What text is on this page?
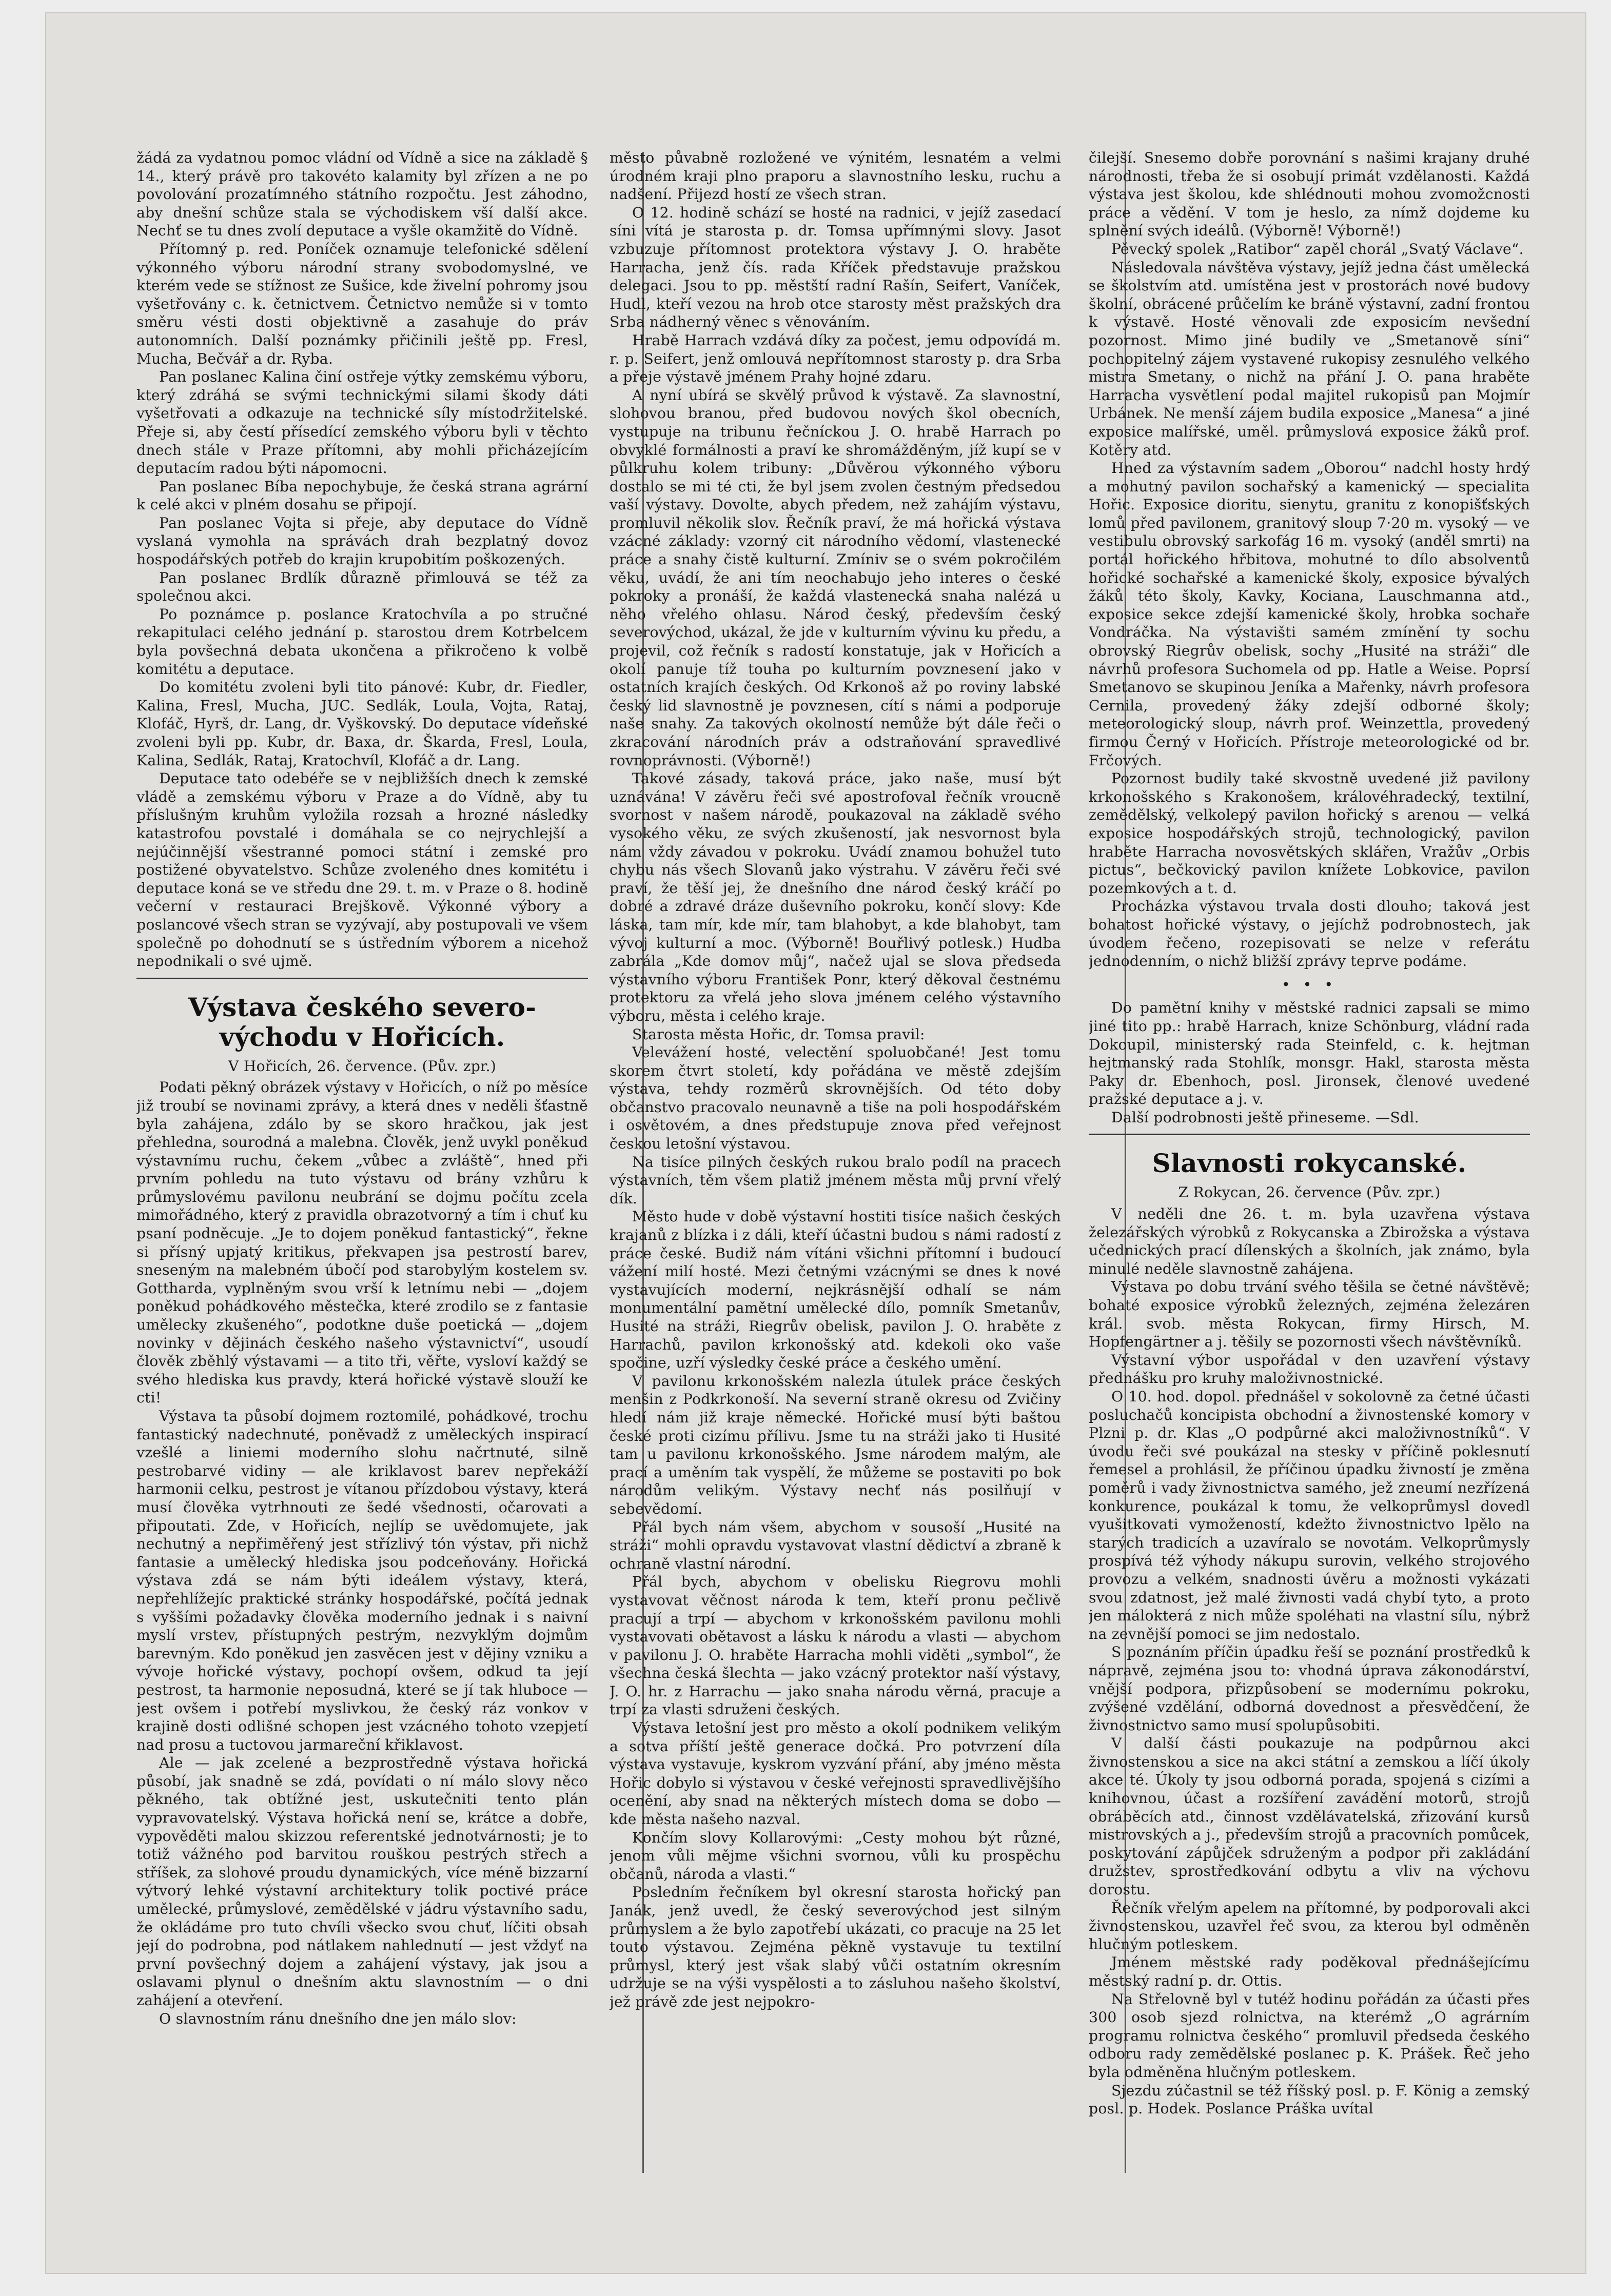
žádá za vydatnou pomoc vládní od Vídně a sice na základě § 14., který právě pro takovéto kalamity byl zřízen a ne po povolování prozatímného státního rozpočtu. Jest záhodno, aby dnešní schůze stala se východiskem vší další akce. Nechť se tu dnes zvolí deputace a vyšle okamžitě do Vídně.

Přítomný p. red. Poníček oznamuje telefonické sdělení výkonného výboru národní strany svobodomyslné, ve kterém vede se stížnost ze Sušice, kde živelní pohromy jsou vyšetřovány c. k. četnictvem. Četnictvo nemůže si v tomto směru vésti dosti objektivně a zasahuje do práv autonomních. Další poznámky přičinili ještě pp. Fresl, Mucha, Bečvář a dr. Ryba.

Pan poslanec Kalina činí ostřeje výtky zemskému výboru, který zdráhá se svými technickými silami škody dáti vyšetřovati a odkazuje na technické síly místodržitelské. Přeje si, aby čestí přísedící zemského výboru byli v těchto dnech stále v Praze přítomni, aby mohli přicházejícím deputacím radou býti nápomocni.

Pan poslanec Bíba nepochybuje, že česká strana agrární k celé akci v plném dosahu se připojí.

Pan poslanec Vojta si přeje, aby deputace do Vídně vyslaná vymohla na správách drah bezplatný dovoz hospodářských potřeb do krajin krupobitím poškozených.

Pan poslanec Brdlík důrazně přimlouvá se též za společnou akci.

Po poznámce p. poslance Kratochvíla a po stručné rekapitulaci celého jednání p. starostou drem Kotrbelcem byla povšechná debata ukončena a přikročeno k volbě komitétu a deputace.

Do komitétu zvoleni byli tito pánové: Kubr, dr. Fiedler, Kalina, Fresl, Mucha, JUC. Sedlák, Loula, Vojta, Rataj, Klofáč, Hyrš, dr. Lang, dr. Vyškovský. Do deputace vídeňské zvoleni byli pp. Kubr, dr. Baxa, dr. Škarda, Fresl, Loula, Kalina, Sedlák, Rataj, Kratochvíl, Klofáč a dr. Lang.

Deputace tato odebéře se v nejbližších dnech k zemské vládě a zemskému výboru v Praze a do Vídně, aby tu příslušným kruhům vyložila rozsah a hrozné následky katastrofou povstalé i domáhala se co nejrychlejší a nejúčinnější všestranné pomoci státní i zemské pro postižené obyvatelstvo. Schůze zvoleného dnes komitétu i deputace koná se ve středu dne 29. t. m. v Praze o 8. hodině večerní v restauraci Brejškově. Výkonné výbory a poslancové všech stran se vyzývají, aby postupovali ve všem společně po dohodnutí se s ústředním výborem a nicehož nepodnikali o své ujmě.

Výstava českého severo-východu v Hořicích.
V Hořicích, 26. července. (Pův. zpr.)

Podati pěkný obrázek výstavy v Hořicích, o níž po měsíce již troubí se novinami zprávy, a která dnes v neděli šťastně byla zahájena, zdálo by se skoro hračkou, jak jest přehledna, sourodná a malebna. Člověk, jenž uvykl poněkud výstavnímu ruchu, čekem „vůbec a zvláště“, hned při prvním pohledu na tuto výstavu od brány vzhůru k průmyslovému pavilonu neubrání se dojmu počítu zcela mimořádného, který z pravidla obrazotvorný a tím i chuť ku psaní podněcuje. „Je to dojem poněkud fantastický“, řekne si přísný upjatý kritikus, překvapen jsa pestrostí barev, sneseným na malebném úbočí pod starobylým kostelem sv. Gottharda, vyplněným svou vrší k letnímu nebi — „dojem poněkud pohádkového městečka, které zrodilo se z fantasie umělecky zkušeného“, podotkne duše poetická — „dojem novinky v dějinách českého našeho výstavnictví“, usoudí člověk zběhlý výstavami — a tito tři, věřte, vysloví každý se svého hlediska kus pravdy, která hořické výstavě slouží ke cti!

Výstava ta působí dojmem roztomilé, pohádkové, trochu fantastický nadechnuté, poněvadž z uměleckých inspirací vzešlé a liniemi moderního slohu načrtnuté, silně pestrobarvé vidiny — ale kriklavost barev nepřekáží harmonii celku, pestrost je vítanou přízdobou výstavy, která musí člověka vytrhnouti ze šedé všednosti, očarovati a připoutati. Zde, v Hořicích, nejlíp se uvědomujete, jak nechutný a nepřiměřený jest střízlivý tón výstav, při nichž fantasie a umělecký hlediska jsou podceňovány. Hořická výstava zdá se nám býti ideálem výstavy, která, nepřehlížejíc praktické stránky hospodářské, počítá jednak s vyššími požadavky člověka moderního jednak i s naivní myslí vrstev, přístupných pestrým, nezvyklým dojmům barevným. Kdo poněkud jen zasvěcen jest v dějiny vzniku a vývoje hořické výstavy, pochopí ovšem, odkud ta její pestrost, ta harmonie neposudná, které se jí tak hluboce — jest ovšem i potřebí myslivkou, že český ráz vonkov v krajině dosti odlišné schopen jest vzácného tohoto vzepjetí nad prosu a tuctovou jarmareční křiklavost.

Ale — jak zcelené a bezprostředně výstava hořická působí, jak snadně se zdá, povídati o ní málo slovy něco pěkného, tak obtížné jest, uskutečniti tento plán vypravovatelský. Výstava hořická není se, krátce a dobře, vypověděti malou skizzou referentské jednotvárnosti; je to totiž vážného pod barvitou rouškou pestrých střech a stříšek, za slohové proudu dynamických, více méně bizzarní výtvorý lehké výstavní architektury tolik poctivé práce umělecké, průmyslové, zemědělské v jádru výstavního sadu, že okládáme pro tuto chvíli všecko svou chuť, líčiti obsah její do podrobna, pod nátlakem nahlednutí — jest vždyť na první povšechný dojem a zahájení výstavy, jak jsou a oslavami plynul o dnešním aktu slavnostním — o dni zahájení a otevření.

O slavnostním ránu dnešního dne jen málo slov:

město půvabně rozložené ve výnitém, lesnatém a velmi úrodném kraji plno praporu a slavnostního lesku, ruchu a nadšení. Přijezd hostí ze všech stran.

O 12. hodině schází se hosté na radnici, v jejíž zasedací síni vítá je starosta p. dr. Tomsa upřímnými slovy. Jasot vzbuzuje přítomnost protektora výstavy J. O. hraběte Harracha, jenž čís. rada Kříček představuje pražskou delegaci. Jsou to pp. městští radní Rašín, Seifert, Vaníček, Hudl, kteří vezou na hrob otce starosty měst pražských dra Srba nádherný věnec s věnováním.

Hrabě Harrach vzdává díky za počest, jemu odpovídá m. r. p. Seifert, jenž omlouvá nepřítomnost starosty p. dra Srba a přeje výstavě jménem Prahy hojné zdaru.

A nyní ubírá se skvělý průvod k výstavě. Za slavnostní, slohovou branou, před budovou nových škol obecních, vystupuje na tribunu řečníckou J. O. hrabě Harrach po obvyklé formálnosti a praví ke shromážděným, jíž kupí se v půlkruhu kolem tribuny: „Důvěrou výkonného výboru dostalo se mi té cti, že byl jsem zvolen čestným předsedou vaší výstavy. Dovolte, abych předem, než zahájím výstavu, promluvil několik slov. Řečník praví, že má hořická výstava vzácné základy: vzorný cit národního vědomí, vlastenecké práce a snahy čistě kulturní. Zmíniv se o svém pokročilém věku, uvádí, že ani tím neochabujo jeho interes o české pokroky a pronáší, že každá vlastenecká snaha nalézá u něho vřelého ohlasu. Národ český, především český severovýchod, ukázal, že jde v kulturním vývinu ku předu, a projevil, což řečník s radostí konstatuje, jak v Hořicích a okolí panuje tíž touha po kulturním povznesení jako v ostatních krajích českých. Od Krkonoš až po roviny labské český lid slavnostně je povznesen, cítí s námi a podporuje naše snahy. Za takových okolností nemůže být dále řeči o zkracování národních práv a odstraňování spravedlivé rovnoprávnosti. (Výborně!)

Takové zásady, taková práce, jako naše, musí být uznávána! V závěru řeči své apostrofoval řečník vroucně svornost v našem národě, poukazoval na základě svého vysokého věku, ze svých zkušeností, jak nesvornost byla nám vždy závadou v pokroku. Uvádí znamou bohužel tuto chybu nás všech Slovanů jako výstrahu. V závěru řeči své praví, že těší jej, že dnešního dne národ český kráčí po dobré a zdravé dráze duševního pokroku, končí slovy: Kde láska, tam mír, kde mír, tam blahobyt, a kde blahobyt, tam vývoj kulturní a moc. (Výborně! Bouřlivý potlesk.) Hudba zabrála „Kde domov můj“, načež ujal se slova předseda výstavního výboru František Ponr, který děkoval čestnému protektoru za vřelá jeho slova jménem celého výstavního výboru, města i celého kraje.

Starosta města Hořic, dr. Tomsa pravil:

Velevážení hosté, velectění spoluobčané! Jest tomu skorem čtvrt století, kdy pořádána ve městě zdejším výstava, tehdy rozměrů skrovnějších. Od této doby občanstvo pracovalo neunavně a tiše na poli hospodářském i osvětovém, a dnes předstupuje znova před veřejnost českou letošní výstavou.

Na tisíce pilných českých rukou bralo podíl na pracech výstavních, těm všem platiž jménem města můj první vřelý dík.

Město hude v době výstavní hostiti tisíce našich českých krajanů z blízka i z dáli, kteří účastni budou s námi radostí z práce české. Budiž nám vítáni všichni přítomní i budoucí vážení milí hosté. Mezi četnými vzácnými se dnes k nové vystavujících moderní, nejkrásnější odhalí se nám monumentální pamětní umělecké dílo, pomník Smetanův, Husité na stráži, Riegrův obelisk, pavilon J. O. hraběte z Harrachů, pavilon krkonošský atd. kdekoli oko vaše spočine, uzří výsledky české práce a českého umění.

V pavilonu krkonošském nalezla útulek práce českých menšin z Podkrkonoší. Na severní straně okresu od Zvičiny hledí nám již kraje německé. Hořické musí býti baštou české proti cizímu přílivu. Jsme tu na stráži jako ti Husité tam u pavilonu krkonošského. Jsme národem malým, ale prací a uměním tak vyspělí, že můžeme se postaviti po bok národům velikým. Výstavy nechť nás posilňují v sebevědomí.

Přál bych nám všem, abychom v sousoší „Husité na stráži“ mohli opravdu vystavovat vlastní dědictví a zbraně k ochraně vlastní národní.

Přál bych, abychom v obelisku Riegrovu mohli vystavovat věčnost národa k tem, kteří pronu pečlivě pracují a trpí — abychom v krkonošském pavilonu mohli vystavovati obětavost a lásku k národu a vlasti — abychom v pavilonu J. O. hraběte Harracha mohli viděti „symbol“, že všechna česká šlechta — jako vzácný protektor naší výstavy, J. O. hr. z Harrachu — jako snaha národu věrná, pracuje a trpí za vlasti sdruženi českých.

Výstava letošní jest pro město a okolí podnikem velikým a sotva příští ještě generace dočká. Pro potvrzení díla výstava vystavuje, kyskrom vyzvání přání, aby jméno města Hořic dobylo si výstavou v české veřejnosti spravedlivějšího ocenění, aby snad na některých místech doma se dobo — kde města našeho nazval.

Končím slovy Kollarovými: „Cesty mohou být různé, jenom vůli mějme všichni svornou, vůli ku prospěchu občanů, národa a vlasti.“

Posledním řečníkem byl okresní starosta hořický pan Janák, jenž uvedl, že český severovýchod jest silným průmyslem a že bylo zapotřebí ukázati, co pracuje na 25 let touto výstavou. Zejména pěkně vystavuje tu textilní průmysl, který jest však slabý vůči ostatním okresním udržuje se na výši vyspělosti a to zásluhou našeho školství, jež právě zde jest nejpokro-

čilejší. Snesemo dobře porovnání s našimi krajany druhé národnosti, třeba že si osobují primát vzdělanosti. Každá výstava jest školou, kde shlédnouti mohou zvomožcnosti práce a vědění. V tom je heslo, za nímž dojdeme ku splnění svých ideálů. (Výborně! Výborně!)

Pěvecký spolek „Ratibor“ zapěl chorál „Svatý Václave“.

Následovala návštěva výstavy, jejíž jedna část umělecká se školstvím atd. umístěna jest v prostorách nové budovy školní, obrácené průčelím ke bráně výstavní, zadní frontou k výstavě. Hosté věnovali zde exposicím nevšední pozornost. Mimo jiné budily ve „Smetanově síni“ pochopitelný zájem vystavené rukopisy zesnulého velkého mistra Smetany, o nichž na přání J. O. pana hraběte Harracha vysvětlení podal majitel rukopisů pan Mojmír Urbánek. Ne menší zájem budila exposice „Manesa“ a jiné exposice malířské, uměl. průmyslová exposice žáků prof. Kotěry atd.

Hned za výstavním sadem „Oborou“ nadchl hosty hrdý a mohutný pavilon sochařský a kamenický — specialita Hořic. Exposice dioritu, sienytu, granitu z konopišťských lomů před pavilonem, granitový sloup 7·20 m. vysoký — ve vestibulu obrovský sarkofág 16 m. vysoký (anděl smrti) na portál hořického hřbitova, mohutné to dílo absolventů hořické sochařské a kamenické školy, exposice bývalých žáků této školy, Kavky, Kociana, Lauschmanna atd., exposice sekce zdejší kamenické školy, hrobka sochaře Vondráčka. Na výstavišti samém zmínění ty sochu obrovský Riegrův obelisk, sochy „Husité na stráži“ dle návrhů profesora Suchomela od pp. Hatle a Weise. Poprsí Smetanovo se skupinou Jeníka a Mařenky, návrh profesora Cernila, provedený žáky zdejší odborné školy; meteorologický sloup, návrh prof. Weinzettla, provedený firmou Černý v Hořicích. Přístroje meteorologické od br. Frčových.

Pozornost budily také skvostně uvedené již pavilony krkonošského s Krakonošem, královéhradecký, textilní, zemědělský, velkolepý pavilon hořický s arenou — velká exposice hospodářských strojů, technologický, pavilon hraběte Harracha novosvětských sklářen, Vražův „Orbis pictus“, bečkovický pavilon knížete Lobkovice, pavilon pozemkových a t. d.

Procházka výstavou trvala dosti dlouho; taková jest bohatost hořické výstavy, o jejíchž podrobnostech, jak úvodem řečeno, rozepisovati se nelze v referátu jednodenním, o nichž bližší zprávy teprve podáme.

• • •

Do pamětní knihy v městské radnici zapsali se mimo jiné tito pp.: hrabě Harrach, knize Schönburg, vládní rada Dokoupil, ministerský rada Steinfeld, c. k. hejtman hejtmanský rada Stohlík, monsgr. Hakl, starosta města Paky dr. Ebenhoch, posl. Jironsek, členové uvedené pražské deputace a j. v.

Další podrobnosti ještě přineseme. —Sdl.

Slavnosti rokycanské.
Z Rokycan, 26. července (Pův. zpr.)

V neděli dne 26. t. m. byla uzavřena výstava železářských výrobků z Rokycanska a Zbirožska a výstava učednických prací dílenských a školních, jak známo, byla minulé neděle slavnostně zahájena.

Výstava po dobu trvání svého těšila se četné návštěvě; bohaté exposice výrobků železných, zejména železáren král. svob. města Rokycan, firmy Hirsch, M. Hopfengärtner a j. těšily se pozornosti všech návštěvníků.

Výstavní výbor uspořádal v den uzavření výstavy přednášku pro kruhy maloživnostnické.

O 10. hod. dopol. přednášel v sokolovně za četné účasti posluchačů koncipista obchodní a živnostenské komory v Plzni p. dr. Klas „O podpůrné akci maloživnostníků“. V úvodu řeči své poukázal na stesky v příčině poklesnutí řemesel a prohlásil, že příčinou úpadku živností je změna poměrů i vady živnostnictva samého, jež zneumí nezřízená konkurence, poukázal k tomu, že velkoprůmysl dovedl vyušitkovati vymožeností, kdežto živnostnictvo lpělo na starých tradicích a uzavíralo se novotám. Velkoprůmysly prospívá též výhody nákupu surovin, velkého strojového provozu a velkém, snadnosti úvěru a možnosti vykázati svou zdatnost, jež malé živnosti vadá chybí tyto, a proto jen málokterá z nich může spoléhati na vlastní sílu, nýbrž na zevnější pomoci se jim nedostalo.

S poznáním příčin úpadku řeší se poznání prostředků k nápravě, zejména jsou to: vhodná úprava zákonodárství, vnější podpora, přizpůsobení se modernímu pokroku, zvýšené vzdělání, odborná dovednost a přesvědčení, že živnostnictvo samo musí spolupůsobiti.

V další části poukazuje na podpůrnou akci živnostenskou a sice na akci státní a zemskou a líčí úkoly akce té. Úkoly ty jsou odborná porada, spojená s cizími a knihovnou, účast a rozšíření zavádění motorů, strojů obráběcích atd., činnost vzdělávatelská, zřizování kursů mistrovských a j., především strojů a pracovních pomůcek, poskytování zápůjček sdruženým a podpor při zakládání družstev, sprostředkování odbytu a vliv na výchovu dorostu.

Řečník vřelým apelem na přítomné, by podporovali akci živnostenskou, uzavřel řeč svou, za kterou byl odměněn hlučným potleskem.

Jménem městské rady poděkoval přednášejícímu městský radní p. dr. Ottis.

Na Střelovně byl v tutéž hodinu pořádán za účasti přes 300 osob sjezd rolnictva, na kterémž „O agrárním programu rolnictva českého“ promluvil předseda českého odboru rady zemědělské poslanec p. K. Prášek. Řeč jeho byla odměněna hlučným potleskem.

Sjezdu zúčastnil se též říšský posl. p. F. König a zemský posl. p. Hodek. Poslance Práška uvítal
